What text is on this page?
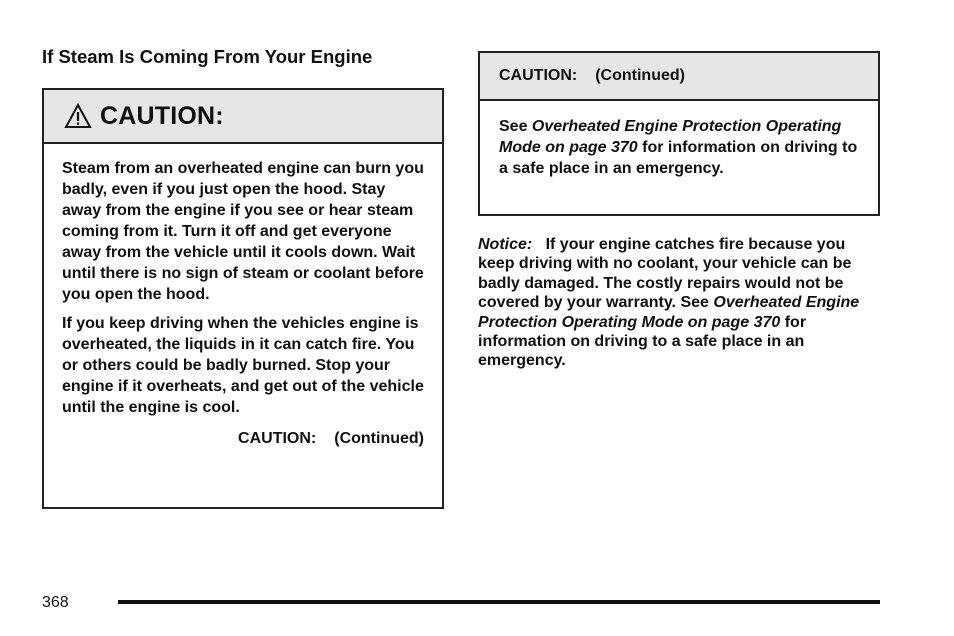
If Steam Is Coming From Your Engine
CAUTION:

Steam from an overheated engine can burn you badly, even if you just open the hood. Stay away from the engine if you see or hear steam coming from it. Turn it off and get everyone away from the vehicle until it cools down. Wait until there is no sign of steam or coolant before you open the hood.

If you keep driving when the vehicles engine is overheated, the liquids in it can catch fire. You or others could be badly burned. Stop your engine if it overheats, and get out of the vehicle until the engine is cool.

CAUTION: (Continued)
CAUTION: (Continued)
See Overheated Engine Protection Operating Mode on page 370 for information on driving to a safe place in an emergency.

Notice: If your engine catches fire because you keep driving with no coolant, your vehicle can be badly damaged. The costly repairs would not be covered by your warranty. See Overheated Engine Protection Operating Mode on page 370 for information on driving to a safe place in an emergency.

368
